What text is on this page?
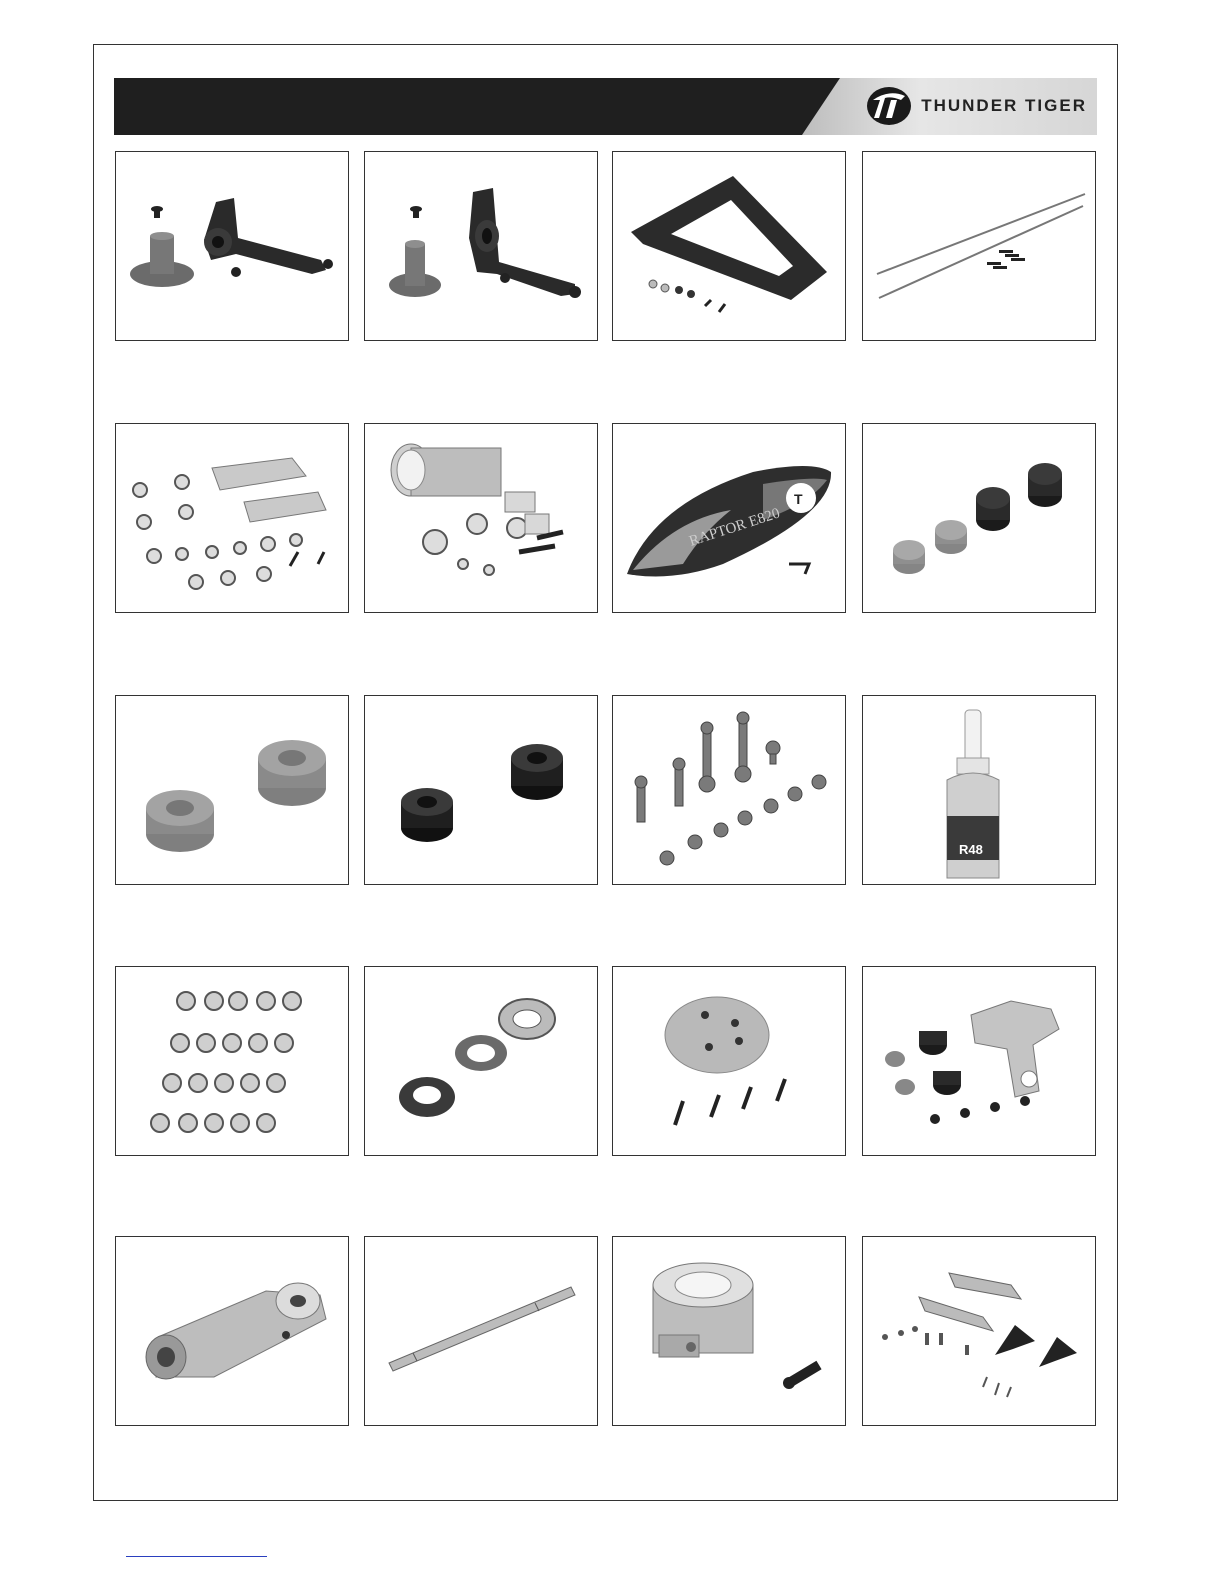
THUNDER TIGER
T
RAPTOR E820
R48
